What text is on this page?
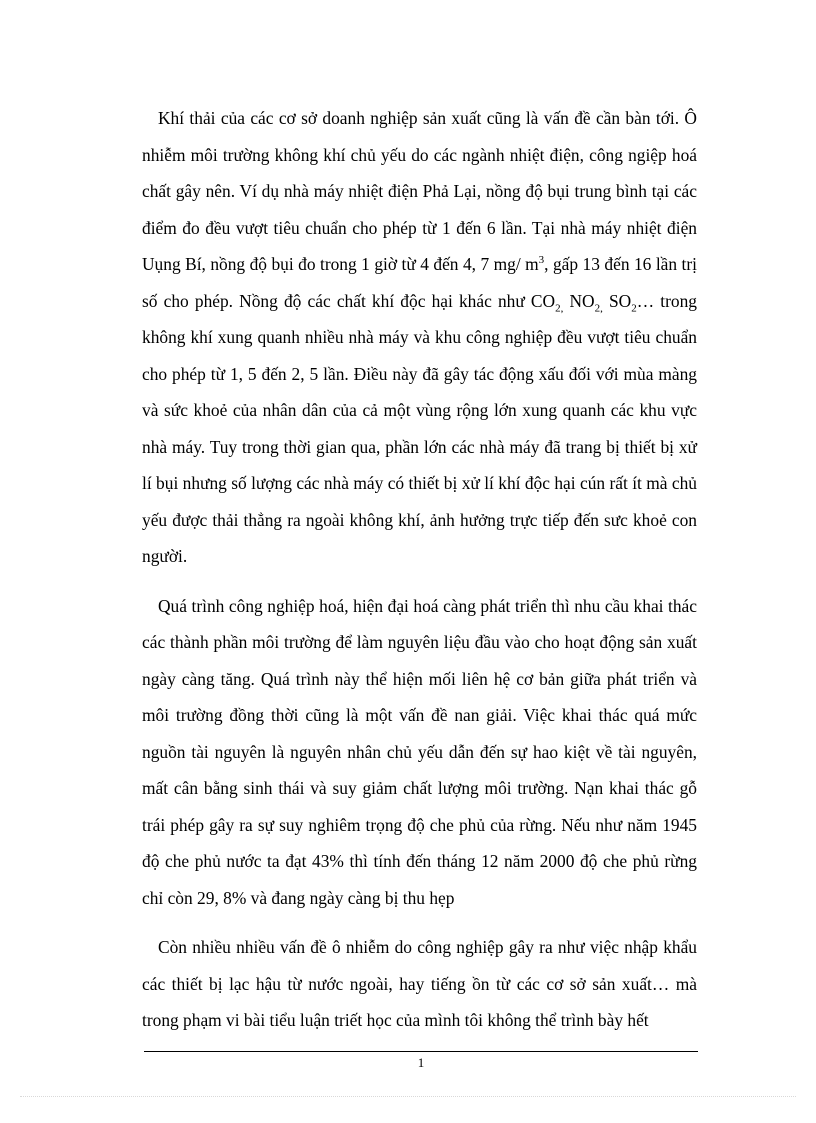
Khí thải của các cơ sở doanh nghiệp sản xuất cũng là vấn đề cần bàn tới. Ô nhiễm môi trường không khí chủ yếu do các ngành nhiệt điện, công ngiệp hoá chất gây nên. Ví dụ nhà máy nhiệt điện Phả Lại, nồng độ bụi trung bình tại các điểm đo đều vượt tiêu chuẩn cho phép từ 1 đến 6 lần. Tại nhà máy nhiệt điện Uụng Bí, nồng độ bụi đo trong 1 giờ từ 4 đến 4, 7 mg/ $m^3$, gấp 13 đến 16 lần trị số cho phép. Nồng độ các chất khí độc hại khác như $CO_{2,}$ $NO_{2,}$ $SO_2\dots$ trong không khí xung quanh nhiều nhà máy và khu công nghiệp đều vượt tiêu chuẩn cho phép từ 1, 5 đến 2, 5 lần. Điều này đã gây tác động xấu đối với mùa màng và sức khoẻ của nhân dân của cả một vùng rộng lớn xung quanh các khu vực nhà máy. Tuy trong thời gian qua, phần lớn các nhà máy đã trang bị thiết bị xử lí bụi nhưng số lượng các nhà máy có thiết bị xử lí khí độc hại cún rất ít mà chủ yếu được thải thẳng ra ngoài không khí, ảnh hưởng trực tiếp đến sưc khoẻ con người.

Quá trình công nghiệp hoá, hiện đại hoá càng phát triển thì nhu cầu khai thác các thành phần môi trường để làm nguyên liệu đầu vào cho hoạt động sản xuất ngày càng tăng. Quá trình này thể hiện mối liên hệ cơ bản giữa phát triển và môi trường đồng thời cũng là một vấn đề nan giải. Việc khai thác quá mức nguồn tài nguyên là nguyên nhân chủ yếu dẫn đến sự hao kiệt về tài nguyên, mất cân bằng sinh thái và suy giảm chất lượng môi trường. Nạn khai thác gỗ trái phép gây ra sự suy nghiêm trọng độ che phủ của rừng. Nếu như năm 1945 độ che phủ nước ta đạt 43% thì tính đến tháng 12 năm 2000 độ che phủ rừng chỉ còn 29, 8% và đang ngày càng bị thu hẹp

Còn nhiều nhiều vấn đề ô nhiễm do công nghiệp gây ra như việc nhập khẩu các thiết bị lạc hậu từ nước ngoài, hay tiếng ồn từ các cơ sở sản xuất… mà trong phạm vi bài tiểu luận triết học của mình tôi không thể trình bày hết

1
